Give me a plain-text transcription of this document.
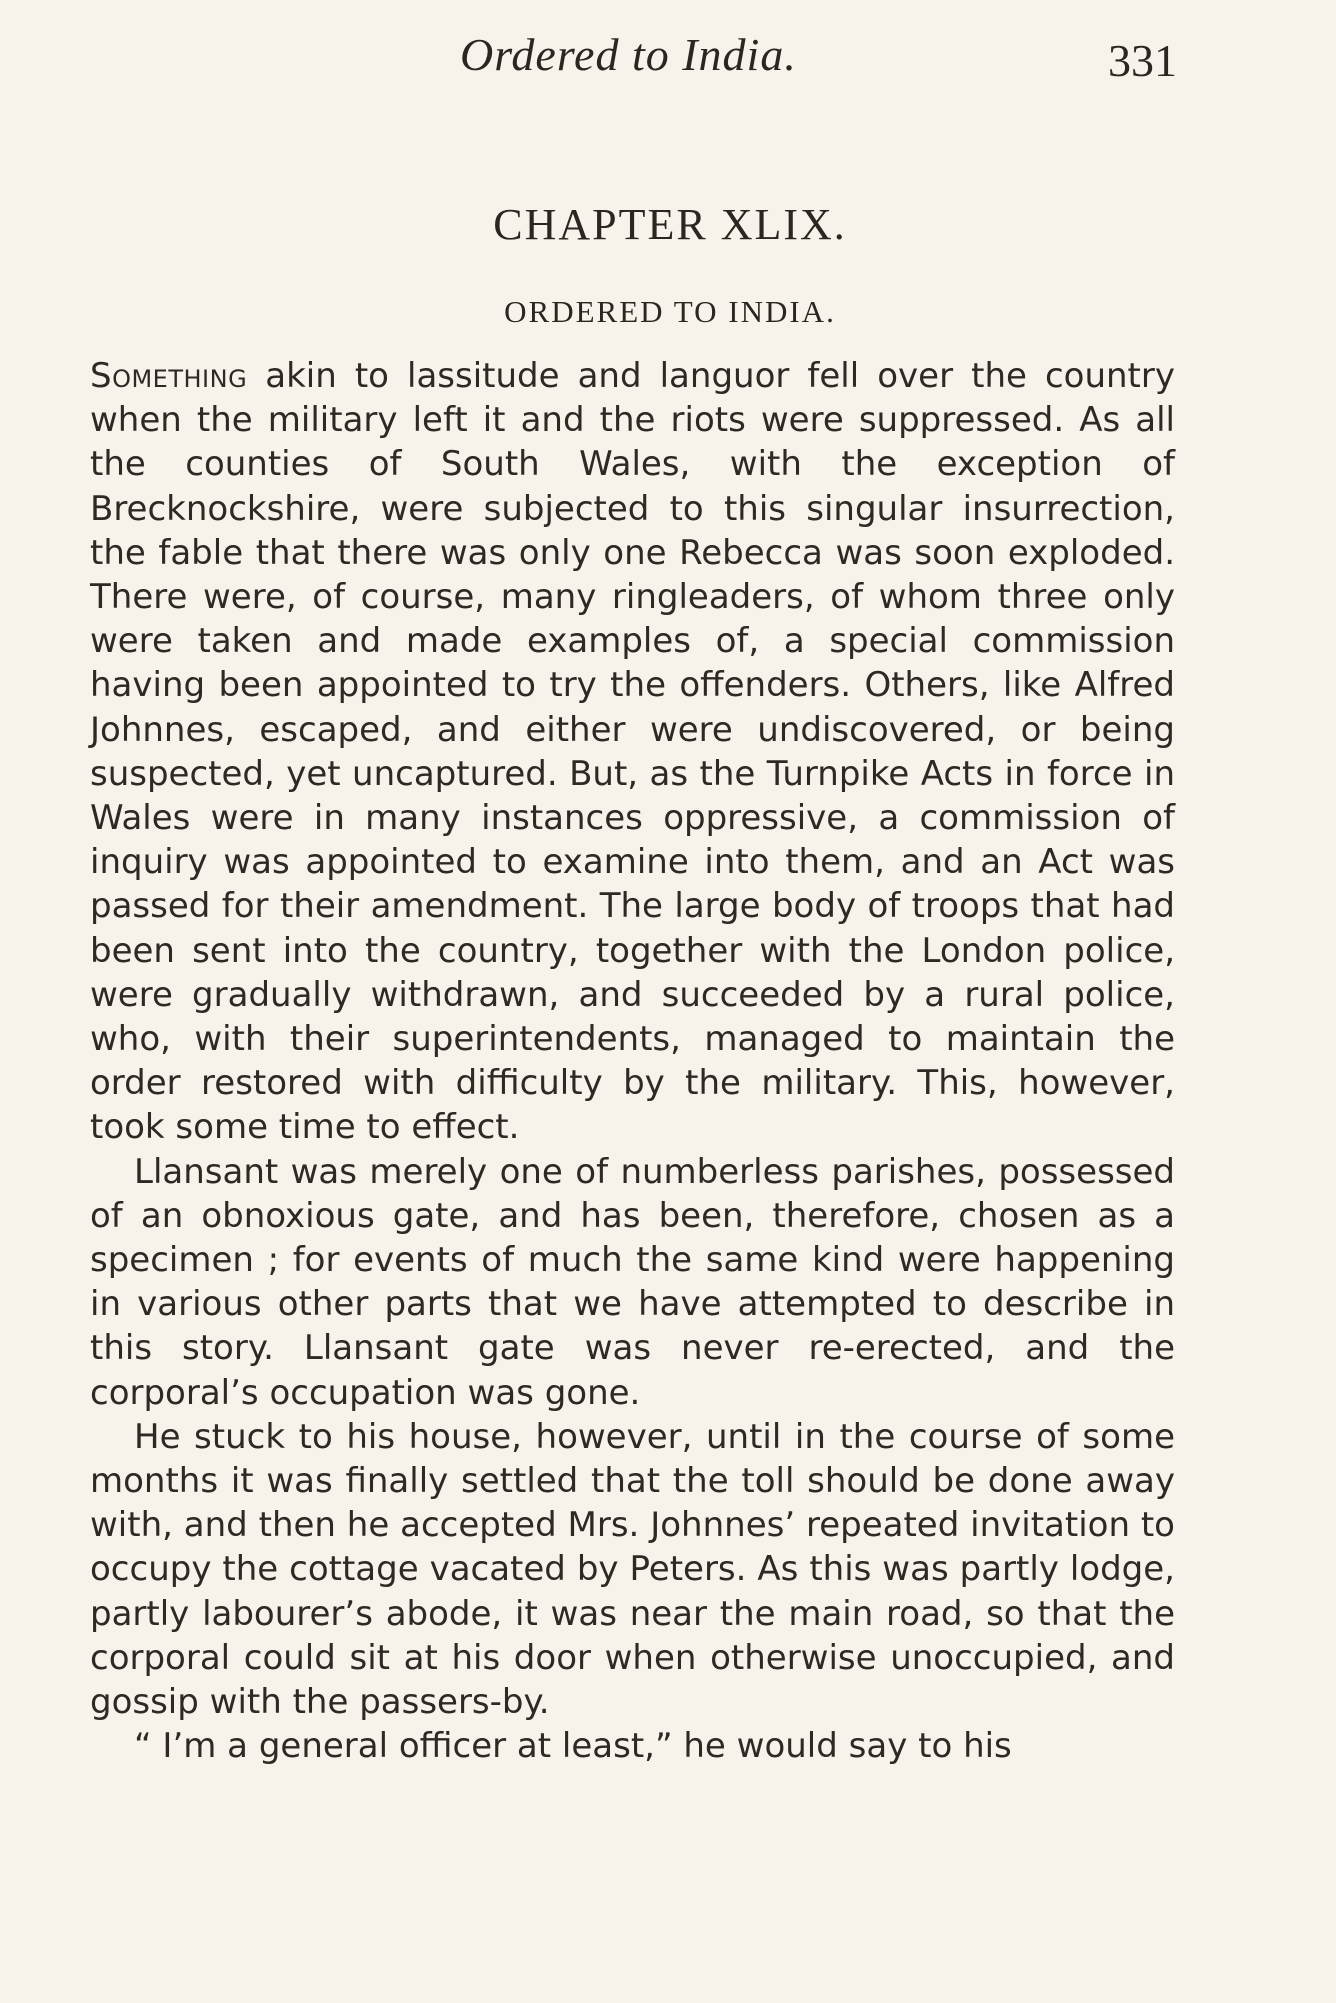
Ordered to India.	331
CHAPTER XLIX.
ORDERED TO INDIA.

Something akin to lassitude and languor fell over the country when the military left it and the riots were suppressed. As all the counties of South Wales, with the exception of Brecknockshire, were subjected to this singular insurrection, the fable that there was only one Rebecca was soon exploded. There were, of course, many ringleaders, of whom three only were taken and made examples of, a special commission having been appointed to try the offenders. Others, like Alfred Johnnes, escaped, and either were undiscovered, or being suspected, yet uncaptured. But, as the Turnpike Acts in force in Wales were in many instances oppressive, a commission of inquiry was appointed to examine into them, and an Act was passed for their amendment. The large body of troops that had been sent into the country, together with the London police, were gradually withdrawn, and succeeded by a rural police, who, with their superintendents, managed to maintain the order restored with difficulty by the military. This, however, took some time to effect.

Llansant was merely one of numberless parishes, possessed of an obnoxious gate, and has been, therefore, chosen as a specimen ; for events of much the same kind were happening in various other parts that we have attempted to describe in this story. Llansant gate was never re-erected, and the corporal’s occupation was gone.

He stuck to his house, however, until in the course of some months it was finally settled that the toll should be done away with, and then he accepted Mrs. Johnnes’ repeated invitation to occupy the cottage vacated by Peters. As this was partly lodge, partly labourer’s abode, it was near the main road, so that the corporal could sit at his door when otherwise unoccupied, and gossip with the passers-by.

“ I’m a general officer at least,” he would say to his
